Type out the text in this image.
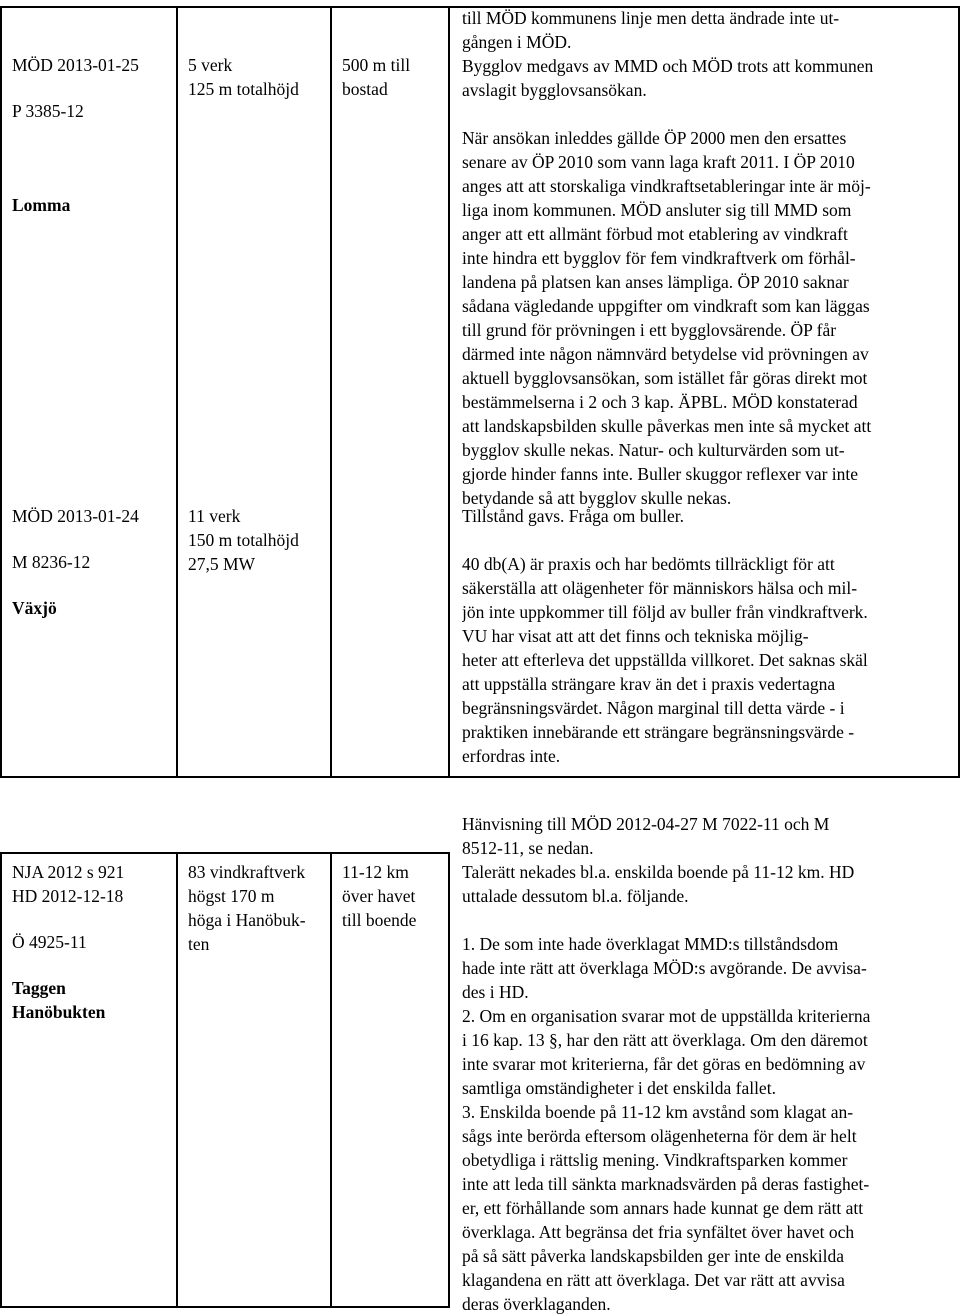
MÖD 2013-01-25

P 3385-12

Lomma

5 verk

125 m totalhöjd

500 m till

bostad

till MÖD kommunens linje men detta ändrade inte ut-

gången i MÖD.

Bygglov medgavs av MMD och MÖD trots att kommunen

avslagit bygglovsansökan.

När ansökan inleddes gällde ÖP 2000 men den ersattes

senare av ÖP 2010 som vann laga kraft 2011. I ÖP 2010

anges att att storskaliga vindkraftsetableringar inte är möj-

liga inom kommunen. MÖD ansluter sig till MMD som

anger att ett allmänt förbud mot etablering av vindkraft

inte hindra ett bygglov för fem vindkraftverk om förhål-

landena på platsen kan anses lämpliga. ÖP 2010 saknar

sådana vägledande uppgifter om vindkraft som kan läggas

till grund för prövningen i ett bygglovsärende. ÖP får

därmed inte någon nämnvärd betydelse vid prövningen av

aktuell bygglovsansökan, som istället får göras direkt mot

bestämmelserna i 2 och 3 kap. ÄPBL. MÖD konstaterad

att landskapsbilden skulle påverkas men inte så mycket att

bygglov skulle nekas. Natur- och kulturvärden som ut-

gjorde hinder fanns inte. Buller skuggor reflexer var inte

betydande så att bygglov skulle nekas.

MÖD 2013-01-24

M 8236-12

Växjö

11 verk

150 m totalhöjd

27,5 MW

Tillstånd gavs. Fråga om buller.

40 db(A) är praxis och har bedömts tillräckligt för att

säkerställa att olägenheter för människors hälsa och mil-

jön inte uppkommer till följd av buller från vindkraftverk.

VU har visat att att det finns och tekniska möjlig-

heter att efterleva det uppställda villkoret. Det saknas skäl

att uppställa strängare krav än det i praxis vedertagna

begränsningsvärdet. Någon marginal till detta värde - i

praktiken innebärande ett strängare begränsningsvärde -

erfordras inte.

NJA 2012 s 921

HD 2012-12-18

Ö 4925-11

Taggen

Hanöbukten

83 vindkraftverk

högst 170 m

höga i Hanöbuk-

ten

11-12 km

över havet

till boende

Hänvisning till MÖD 2012-04-27 M 7022-11 och M

8512-11, se nedan.

Talerätt nekades bl.a. enskilda boende på 11-12 km. HD

uttalade dessutom bl.a. följande.

1. De som inte hade överklagat MMD:s tillståndsdom

hade inte rätt att överklaga MÖD:s avgörande. De avvisa-

des i HD.

2. Om en organisation svarar mot de uppställda kriterierna

i 16 kap. 13 §, har den rätt att överklaga. Om den däremot

inte svarar mot kriterierna, får det göras en bedömning av

samtliga omständigheter i det enskilda fallet.

3. Enskilda boende på 11-12 km avstånd som klagat an-

sågs inte berörda eftersom olägenheterna för dem är helt

obetydliga i rättslig mening. Vindkraftsparken kommer

inte att leda till sänkta marknadsvärden på deras fastighet-

er, ett förhållande som annars hade kunnat ge dem rätt att

överklaga. Att begränsa det fria synfältet över havet och

på så sätt påverka landskapsbilden ger inte de enskilda

klagandena en rätt att överklaga. Det var rätt att avvisa

deras överklaganden.
